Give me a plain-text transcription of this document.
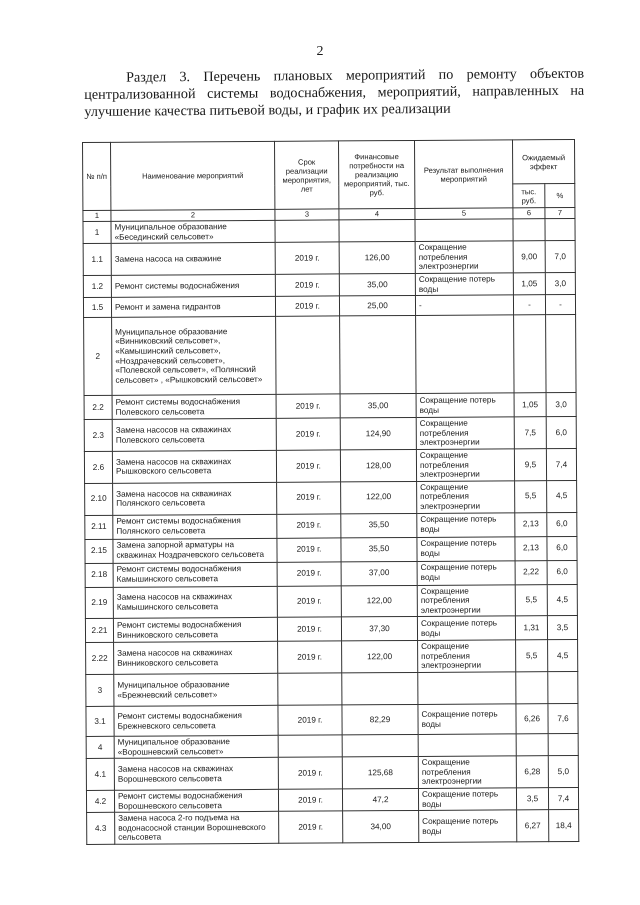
2
Раздел 3. Перечень плановых мероприятий по ремонту объектов централизованной системы водоснабжения, мероприятий, направленных на улучшение качества питьевой воды, и график их реализации
№ п/п	Наименование мероприятий	Срок реализации мероприятия, лет	Финансовые потребности на реализацию мероприятий, тыс. руб.	Результат выполнения мероприятий	Ожидаемый эффект	
					тыс. руб.	%
1	2	3	4	5	6	7
1	Муниципальное образование «Бесединский сельсовет»					
1.1	Замена насоса на скважине	2019 г.	126,00	Сокращение потребления электроэнергии	9,00	7,0
1.2	Ремонт системы водоснабжения	2019 г.	35,00	Сокращение потерь воды	1,05	3,0
1.5	Ремонт и замена гидрантов	2019 г.	25,00	-	-	-
2	Муниципальное образование «Винниковский сельсовет», «Камышинский сельсовет», «Ноздрачевский сельсовет», «Полевской сельсовет», «Полянский сельсовет» , «Рышковский сельсовет»					
2.2	Ремонт системы водоснабжения Полевского сельсовета	2019 г.	35,00	Сокращение потерь воды	1,05	3,0
2.3	Замена насосов на скважинах Полевского сельсовета	2019 г.	124,90	Сокращение потребления электроэнергии	7,5	6,0
2.6	Замена насосов на скважинах Рышковского сельсовета	2019 г.	128,00	Сокращение потребления электроэнергии	9,5	7,4
2.10	Замена насосов на скважинах Полянского сельсовета	2019 г.	122,00	Сокращение потребления электроэнергии	5,5	4,5
2.11	Ремонт системы водоснабжения Полянского сельсовета	2019 г.	35,50	Сокращение потерь воды	2,13	6,0
2.15	Замена запорной арматуры на скважинах Ноздрачевского сельсовета	2019 г.	35,50	Сокращение потерь воды	2,13	6,0
2.18	Ремонт системы водоснабжения Камышинского сельсовета	2019 г.	37,00	Сокращение потерь воды	2,22	6,0
2.19	Замена насосов на скважинах Камышинского сельсовета	2019 г.	122,00	Сокращение потребления электроэнергии	5,5	4,5
2.21	Ремонт системы водоснабжения Винниковского сельсовета	2019 г.	37,30	Сокращение потерь воды	1,31	3,5
2.22	Замена насосов на скважинах Винниковского сельсовета	2019 г.	122,00	Сокращение потребления электроэнергии	5,5	4,5
3	Муниципальное образование «Брежневский сельсовет»					
3.1	Ремонт системы водоснабжения Брежневского сельсовета	2019 г.	82,29	Сокращение потерь воды	6,26	7,6
4	Муниципальное образование «Ворошневский сельсовет»					
4.1	Замена насосов на скважинах Ворошневского сельсовета	2019 г.	125,68	Сокращение потребления электроэнергии	6,28	5,0
4.2	Ремонт системы водоснабжения Ворошневского сельсовета	2019 г.	47,2	Сокращение потерь воды	3,5	7,4
4.3	Замена насоса 2-го подъема на водонасосной станции Ворошневского сельсовета	2019 г.	34,00	Сокращение потерь воды	6,27	18,4
